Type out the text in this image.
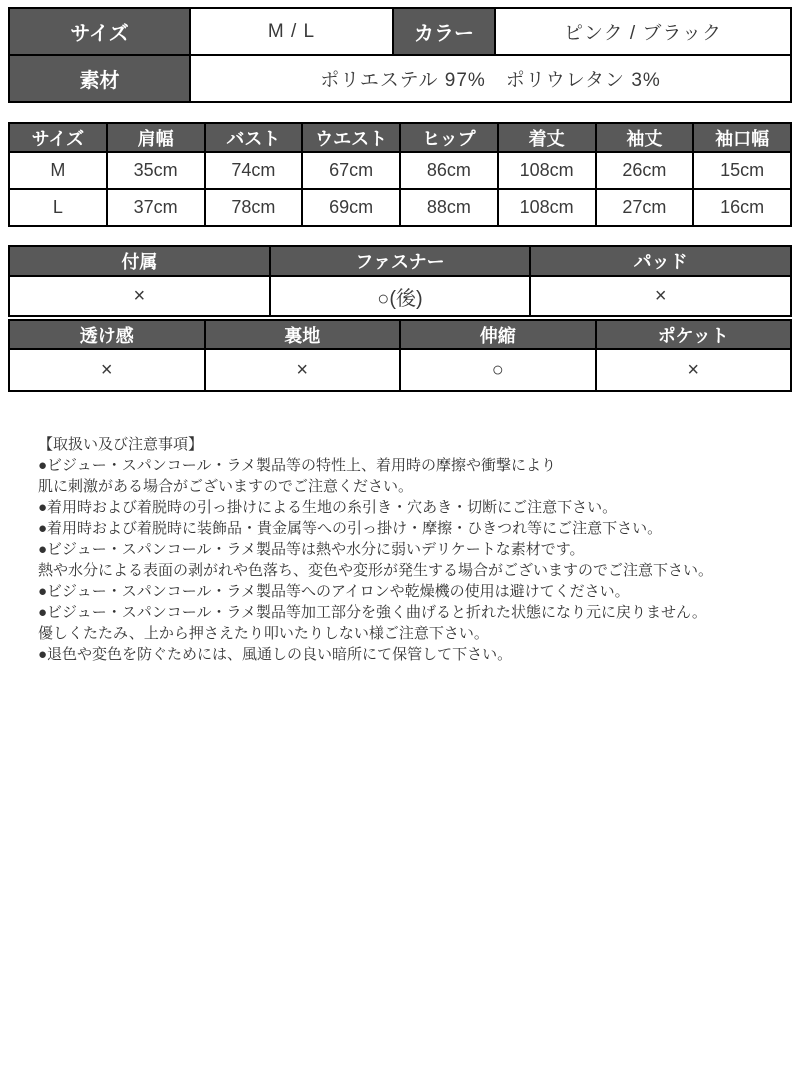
サイズ	M / L	カラー	ピンク / ブラック
素材	ポリエステル 97%　ポリウレタン 3%		
サイズ	肩幅	バスト	ウエスト	ヒップ	着丈	袖丈	袖口幅
M	35cm	74cm	67cm	86cm	108cm	26cm	15cm
L	37cm	78cm	69cm	88cm	108cm	27cm	16cm
付属	ファスナー	パッド
×	○(後)	×
透け感	裏地	伸縮	ポケット
×	×	○	×
【取扱い及び注意事項】
●ビジュー・スパンコール・ラメ製品等の特性上、着用時の摩擦や衝撃により
肌に刺激がある場合がございますのでご注意ください。
●着用時および着脱時の引っ掛けによる生地の糸引き・穴あき・切断にご注意下さい。
●着用時および着脱時に装飾品・貴金属等への引っ掛け・摩擦・ひきつれ等にご注意下さい。
●ビジュー・スパンコール・ラメ製品等は熱や水分に弱いデリケートな素材です。
熱や水分による表面の剥がれや色落ち、変色や変形が発生する場合がございますのでご注意下さい。
●ビジュー・スパンコール・ラメ製品等へのアイロンや乾燥機の使用は避けてください。
●ビジュー・スパンコール・ラメ製品等加工部分を強く曲げると折れた状態になり元に戻りません。
優しくたたみ、上から押さえたり叩いたりしない様ご注意下さい。
●退色や変色を防ぐためには、風通しの良い暗所にて保管して下さい。
